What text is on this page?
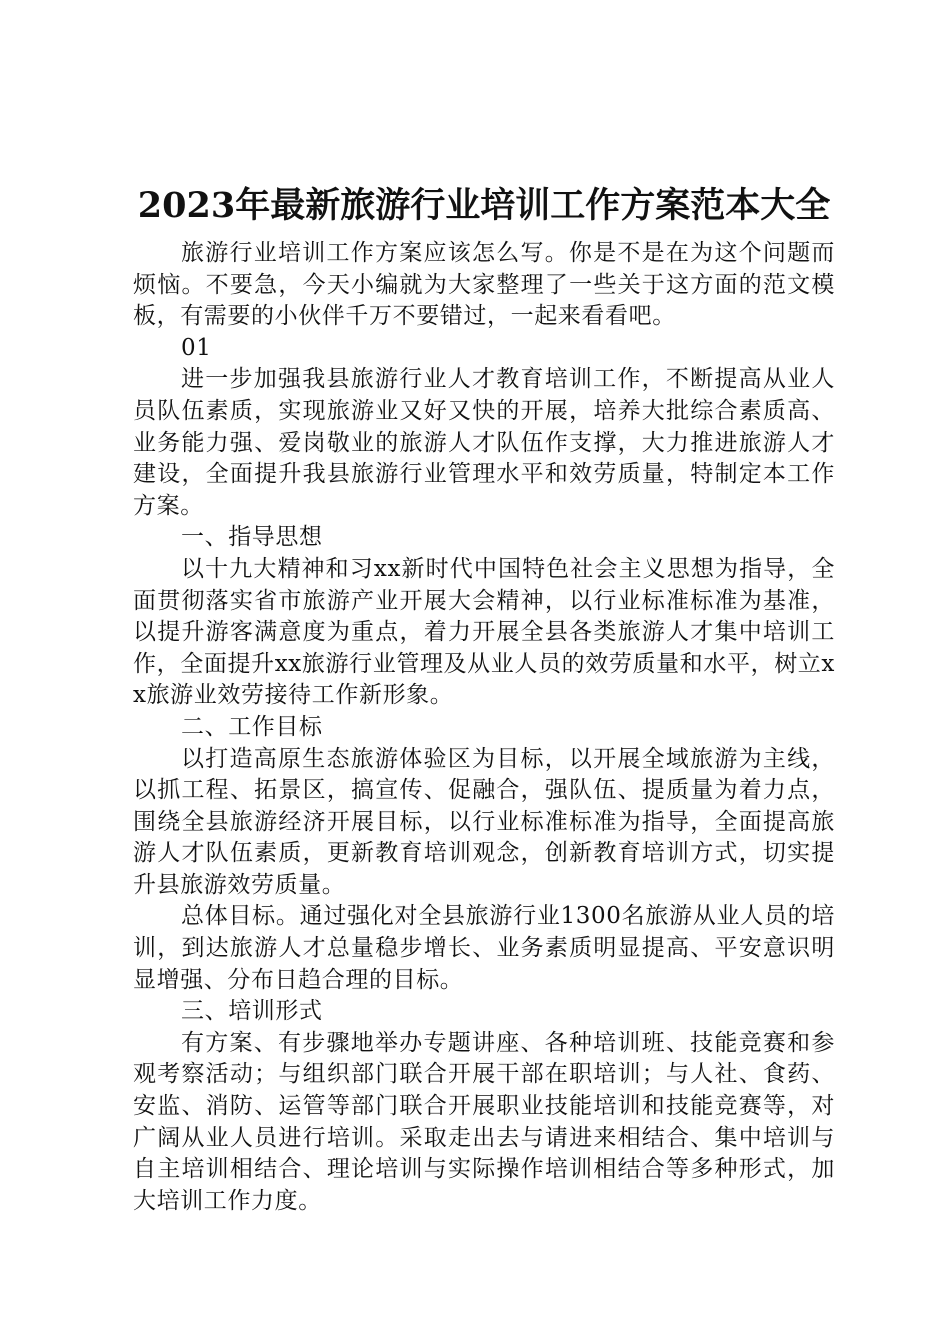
2023年最新旅游行业培训工作方案范本大全

旅游行业培训工作方案应该怎么写。你是不是在为这个问题而烦恼。不要急，今天小编就为大家整理了一些关于这方面的范文模板，有需要的小伙伴千万不要错过，一起来看看吧。

01

进一步加强我县旅游行业人才教育培训工作，不断提高从业人员队伍素质，实现旅游业又好又快的开展，培养大批综合素质高、业务能力强、爱岗敬业的旅游人才队伍作支撑，大力推进旅游人才建设，全面提升我县旅游行业管理水平和效劳质量，特制定本工作方案。

一、指导思想

以十九大精神和习xx新时代中国特色社会主义思想为指导，全面贯彻落实省市旅游产业开展大会精神，以行业标准标准为基准，以提升游客满意度为重点，着力开展全县各类旅游人才集中培训工作，全面提升xx旅游行业管理及从业人员的效劳质量和水平，树立xx旅游业效劳接待工作新形象。

二、工作目标

以打造高原生态旅游体验区为目标，以开展全域旅游为主线，以抓工程、拓景区，搞宣传、促融合，强队伍、提质量为着力点，围绕全县旅游经济开展目标，以行业标准标准为指导，全面提高旅游人才队伍素质，更新教育培训观念，创新教育培训方式，切实提升县旅游效劳质量。

总体目标。通过强化对全县旅游行业1300名旅游从业人员的培训，到达旅游人才总量稳步增长、业务素质明显提高、平安意识明显增强、分布日趋合理的目标。

三、培训形式

有方案、有步骤地举办专题讲座、各种培训班、技能竞赛和参观考察活动；与组织部门联合开展干部在职培训；与人社、食药、安监、消防、运管等部门联合开展职业技能培训和技能竞赛等，对广阔从业人员进行培训。采取走出去与请进来相结合、集中培训与自主培训相结合、理论培训与实际操作培训相结合等多种形式，加大培训工作力度。
